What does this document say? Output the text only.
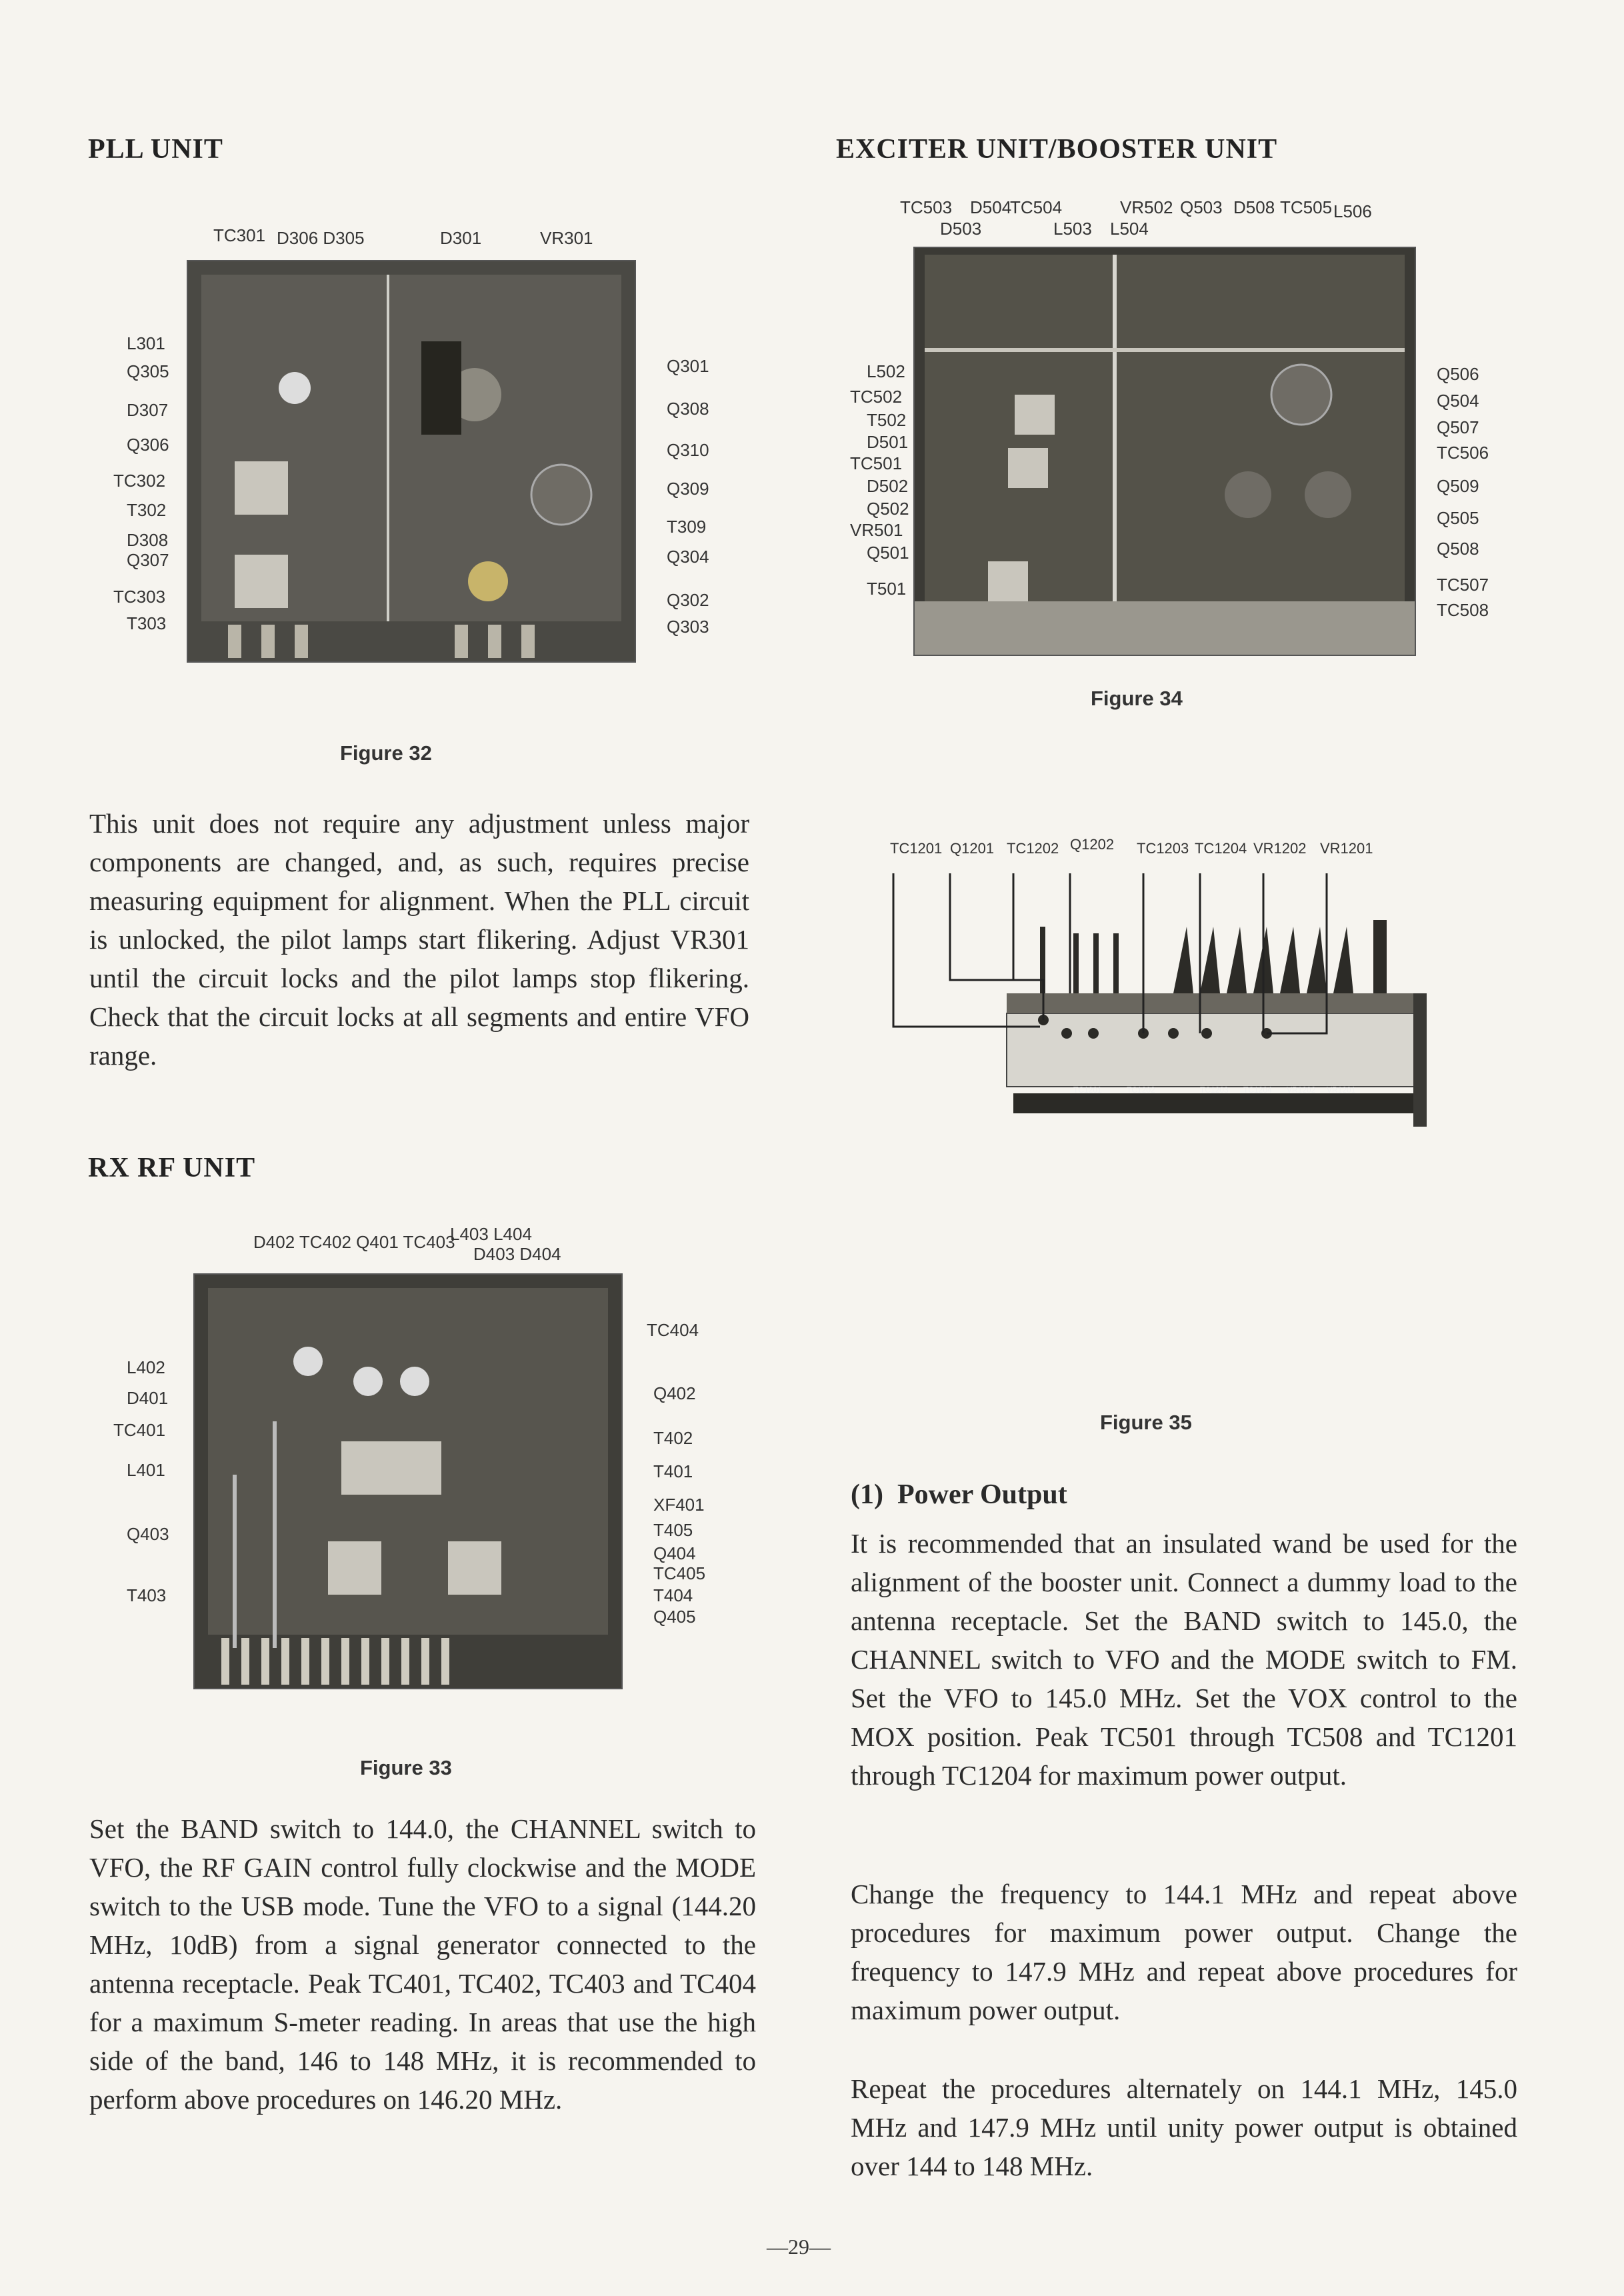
PLL UNIT
TC301 D306 D305	D301	VR301
L301
Q305
D307
Q306
TC302
T302
D308
Q307
TC303
T303
Q301
Q308
Q310
Q309
T309
Q304
Q302
Q303
Figure 32
This unit does not require any adjustment unless major components are changed, and, as such, requires precise measuring equipment for alignment. When the PLL circuit is unlocked, the pilot lamps start flikering. Adjust VR301 until the circuit locks and the pilot lamps stop flikering. Check that the circuit locks at all segments and entire VFO range.
RX RF UNIT
D402 TC402 Q401 TC403
L403 L404
D403 D404
L402
D401
TC401
L401
Q403
T403
TC404
Q402
T402
T401
XF401
T405
Q404
TC405
T404
Q405
Figure 33
Set the BAND switch to 144.0, the CHANNEL switch to VFO, the RF GAIN control fully clockwise and the MODE switch to the USB mode. Tune the VFO to a signal (144.20 MHz, 10dB) from a signal generator connected to the antenna receptacle. Peak TC401, TC402, TC403 and TC404 for a maximum S-meter reading. In areas that use the high side of the band, 146 to 148 MHz, it is recommended to perform above procedures on 146.20 MHz.
EXCITER UNIT/BOOSTER UNIT
TC503 D504
TC504	VR502 Q503 D508 TC505 L506
D503	L503 L504
L502
TC502
T502
D501
TC501
D502
Q502
VR501
Q501
T501
Q506
Q504
Q507
TC506
Q509
Q505
Q508
TC507
TC508
Figure 34
TC1201 Q1201 TC1202 Q1202 TC1203 TC1204 VR1202 VR1201
TC1201	TC1202	TC1203 TC1204 VR1202 VR1201
Figure 35
(1)  Power Output
It is recommended that an insulated wand be used for the alignment of the booster unit. Connect a dummy load to the antenna receptacle. Set the BAND switch to 145.0, the CHANNEL switch to VFO and the MODE switch to FM. Set the VFO to 145.0 MHz. Set the VOX control to the MOX position. Peak TC501 through TC508 and TC1201 through TC1204 for maximum power output.
Change the frequency to 144.1 MHz and repeat above procedures for maximum power output. Change the frequency to 147.9 MHz and repeat above procedures for maximum power output.
Repeat the procedures alternately on 144.1 MHz, 145.0 MHz and 147.9 MHz until unity power output is obtained over 144 to 148 MHz.
—29—
